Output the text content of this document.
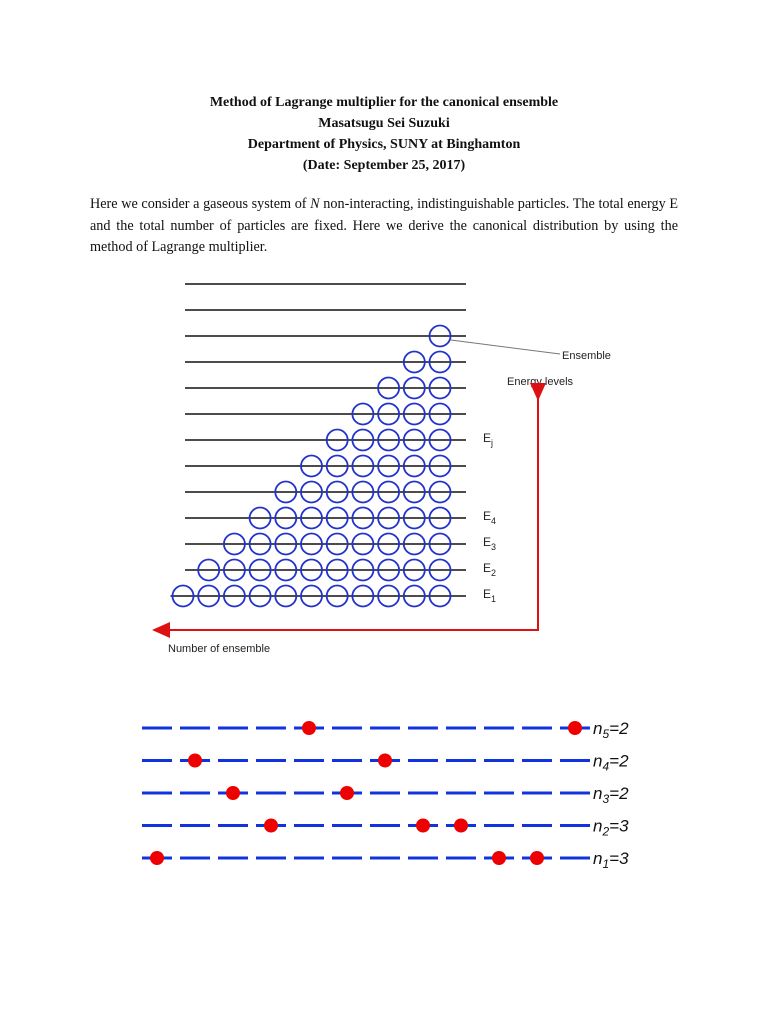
Method of Lagrange multiplier for the canonical ensemble
Masatsugu Sei Suzuki
Department of Physics, SUNY at Binghamton
(Date: September 25, 2017)

Here we consider a gaseous system of N non-interacting, indistinguishable particles. The total energy E and the total number of particles are fixed. Here we derive the canonical distribution by using the method of Lagrange multiplier.

Ensemble
Energy levels
Number of ensemble
$E_j$
$E_4$
$E_3$
$E_2$
$E_1$
$n_5=2$
$n_4=2$
$n_3=2$
$n_2=3$
$n_1=3$
